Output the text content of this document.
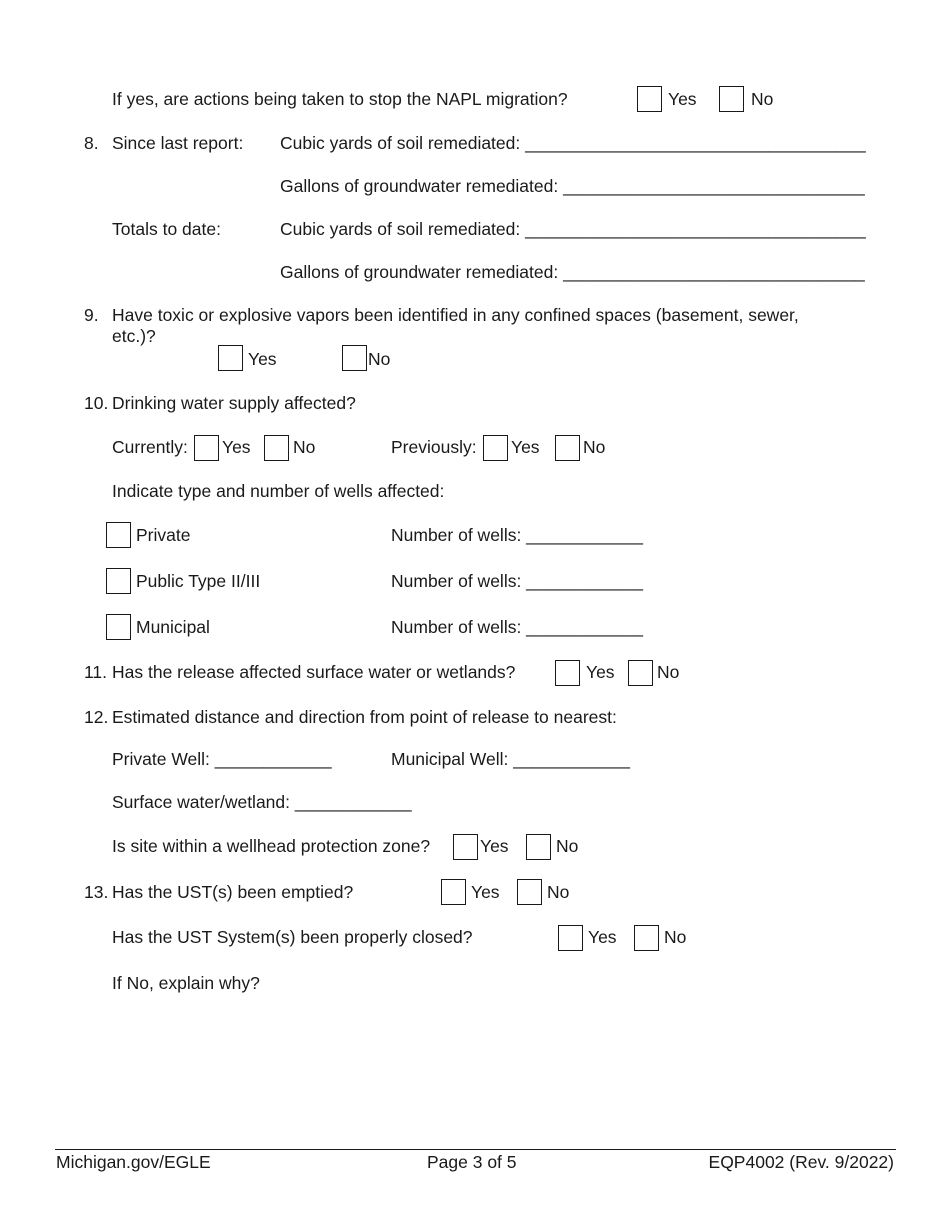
If yes, are actions being taken to stop the NAPL migration?	Yes	No
8. Since last report: Cubic yards of soil remediated: ___________________________________
Gallons of groundwater remediated: _______________________________
Totals to date:	Cubic yards of soil remediated: ___________________________________
Gallons of groundwater remediated: _______________________________
9. Have toxic or explosive vapors been identified in any confined spaces (basement, sewer,
etc.)?
Yes	No
10. Drinking water supply affected?
Currently: Yes No	Previously: Yes No
Indicate type and number of wells affected:
Private	Number of wells: ____________
Public Type II/III	Number of wells: ____________
Municipal	Number of wells: ____________
11. Has the release affected surface water or wetlands?	Yes No
12. Estimated distance and direction from point of release to nearest:
Private Well: ____________	Municipal Well: ____________
Surface water/wetland: ____________
Is site within a wellhead protection zone?	Yes	No
13. Has the UST(s) been emptied?	Yes	No
Has the UST System(s) been properly closed?	Yes	No
If No, explain why?
Michigan.gov/EGLE	Page 3 of 5	EQP4002 (Rev. 9/2022)
